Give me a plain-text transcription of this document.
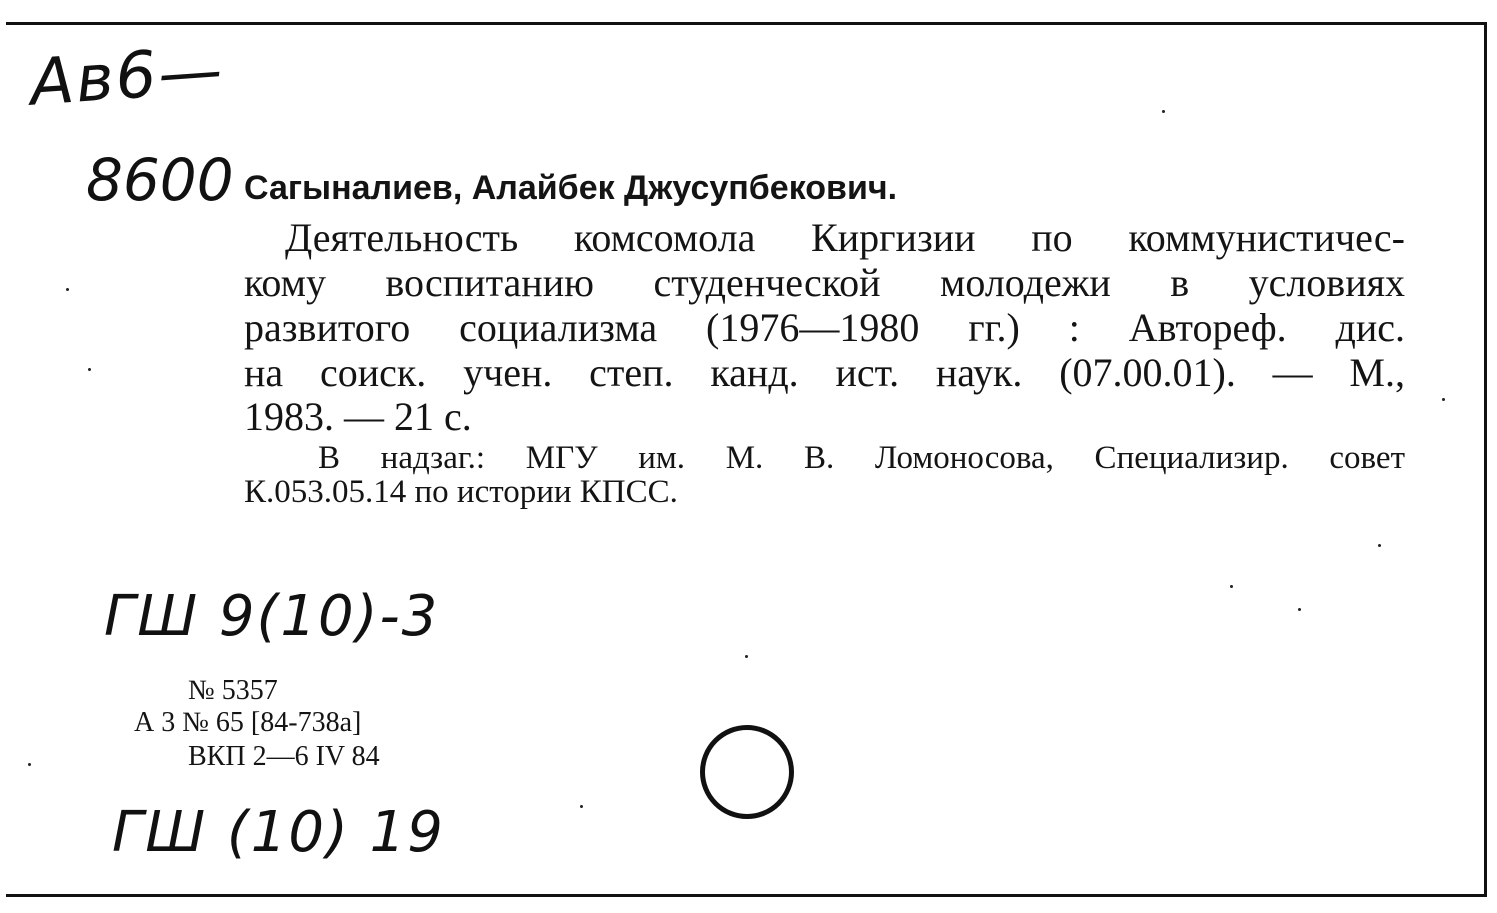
Ав6—
8600 Сагыналиев, Алайбек Джусупбекович.
Деятельность комсомола Киргизии по коммунистичес-
кому воспитанию студенческой молодежи в условиях
развитого социализма (1976—1980 гг.) : Автореф. дис.
на соиск. учен. степ. канд. ист. наук. (07.00.01). — М.,
1983. — 21 с.
В надзаг.: МГУ им. М. В. Ломоносова, Специализир. совет
К.053.05.14 по истории КПСС.
ГШ 9(10)-3
№ 5357
А 3 № 65 [84-738а]
ВКП 2—6 IV 84
ГШ (10) 19
